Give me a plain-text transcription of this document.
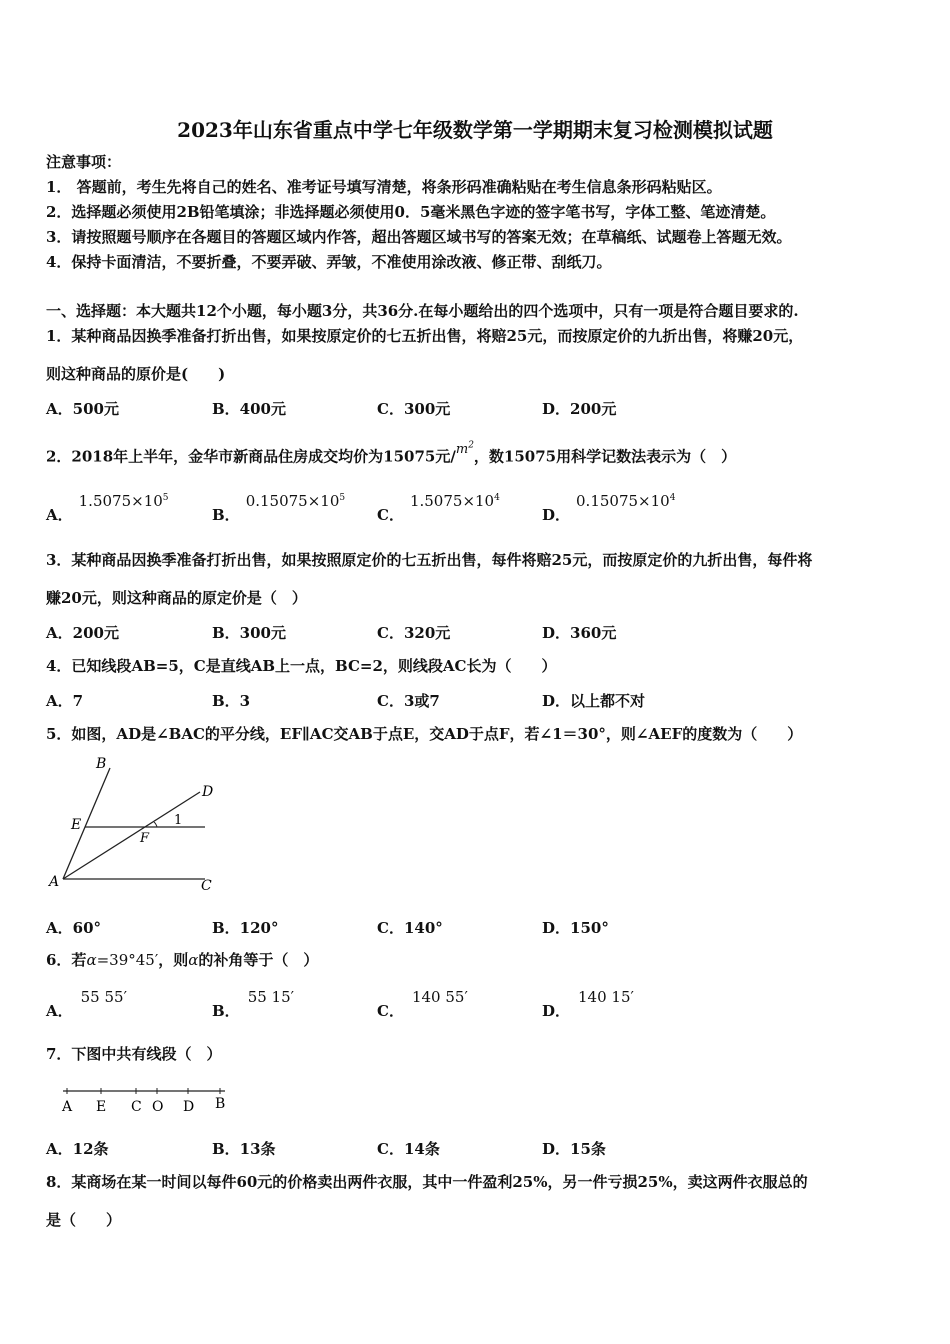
2023年山东省重点中学七年级数学第一学期期末复习检测模拟试题
注意事项：
1． 答题前，考生先将自己的姓名、准考证号填写清楚，将条形码准确粘贴在考生信息条形码粘贴区。
2．选择题必须使用2B铅笔填涂；非选择题必须使用0．5毫米黑色字迹的签字笔书写，字体工整、笔迹清楚。
3．请按照题号顺序在各题目的答题区域内作答，超出答题区域书写的答案无效；在草稿纸、试题卷上答题无效。
4．保持卡面清洁，不要折叠，不要弄破、弄皱，不准使用涂改液、修正带、刮纸刀。
一、选择题：本大题共12个小题，每小题3分，共36分.在每小题给出的四个选项中，只有一项是符合题目要求的.
1．某种商品因换季准备打折出售，如果按原定价的七五折出售，将赔25元，而按原定价的九折出售，将赚20元，
则这种商品的原价是(　　)
A．500元	B．400元	C．300元	D．200元
2．2018年上半年，金华市新商品住房成交均价为15075元$/m^2$，数15075用科学记数法表示为（　）
A．$1.5075\times 10^5$
B．$0.15075\times 10^5$
C．$1.5075\times 10^4$
D．$0.15075\times 10^4$
3．某种商品因换季准备打折出售，如果按照原定价的七五折出售，每件将赔25元，而按原定价的九折出售，每件将
赚20元，则这种商品的原定价是（　）
A．200元	B．300元	C．320元	D．360元
4．已知线段AB=5，C是直线AB上一点，BC=2，则线段AC长为（　　）
A．7	B．3	C．3或7	D．以上都不对
5．如图，AD是∠BAC的平分线，EF∥AC交AB于点E，交AD于点F，若∠1＝30°，则∠AEF的度数为（　　）
B
D
E
F
1
A	C
A．60°	B．120°	C．140°	D．150°
6．若α=39°45′，则α的补角等于（　）
A．55 55′
B．55 15′
C．140 55′
D．140 15′
7．下图中共有线段（　）
A E C O D B
A．12条	B．13条	C．14条	D．15条
8．某商场在某一时间以每件60元的价格卖出两件衣服，其中一件盈利25%，另一件亏损25%，卖这两件衣服总的
是（　　）
